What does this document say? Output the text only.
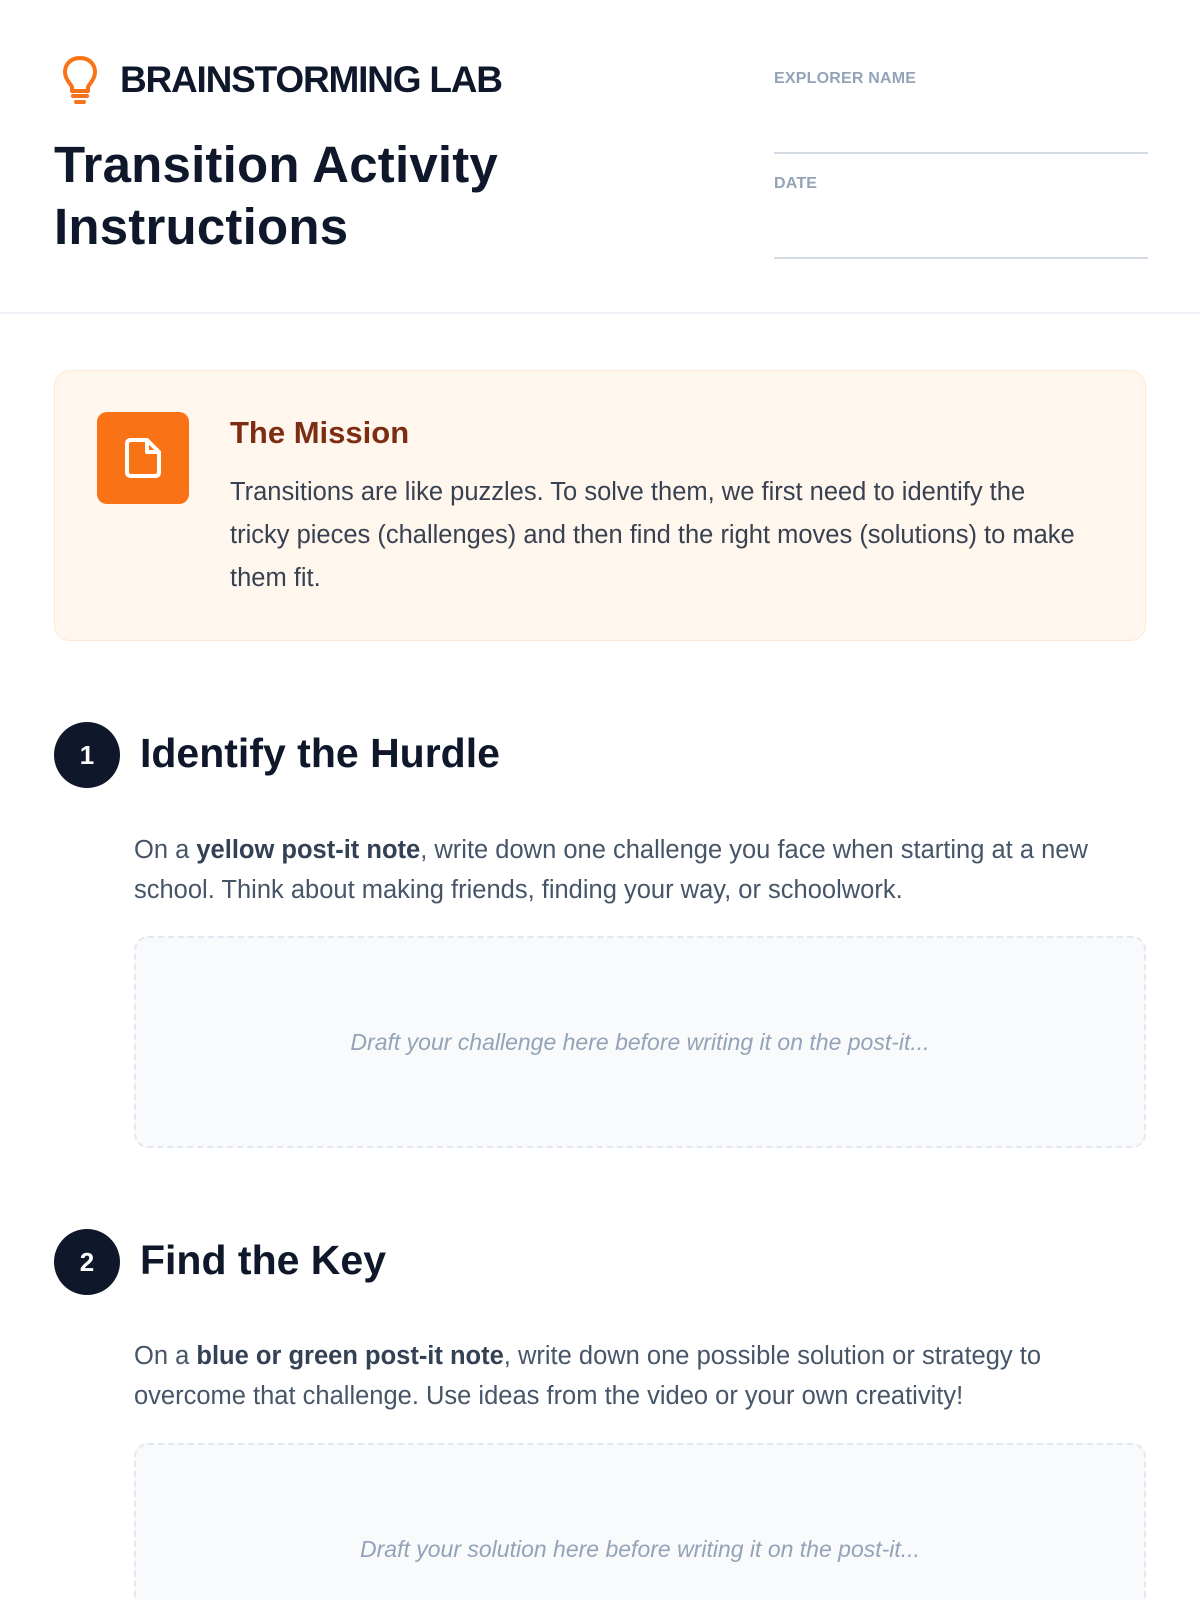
BRAINSTORMING LAB
Transition Activity
Instructions
EXPLORER NAME
DATE
The Mission

Transitions are like puzzles. To solve them, we first need to identify the tricky pieces (challenges) and then find the right moves (solutions) to make them fit.

1	Identify the Hurdle

On a yellow post-it note, write down one challenge you face when starting at a new school. Think about making friends, finding your way, or schoolwork.

Draft your challenge here before writing it on the post-it...
2	Find the Key

On a blue or green post-it note, write down one possible solution or strategy to overcome that challenge. Use ideas from the video or your own creativity!

Draft your solution here before writing it on the post-it...
